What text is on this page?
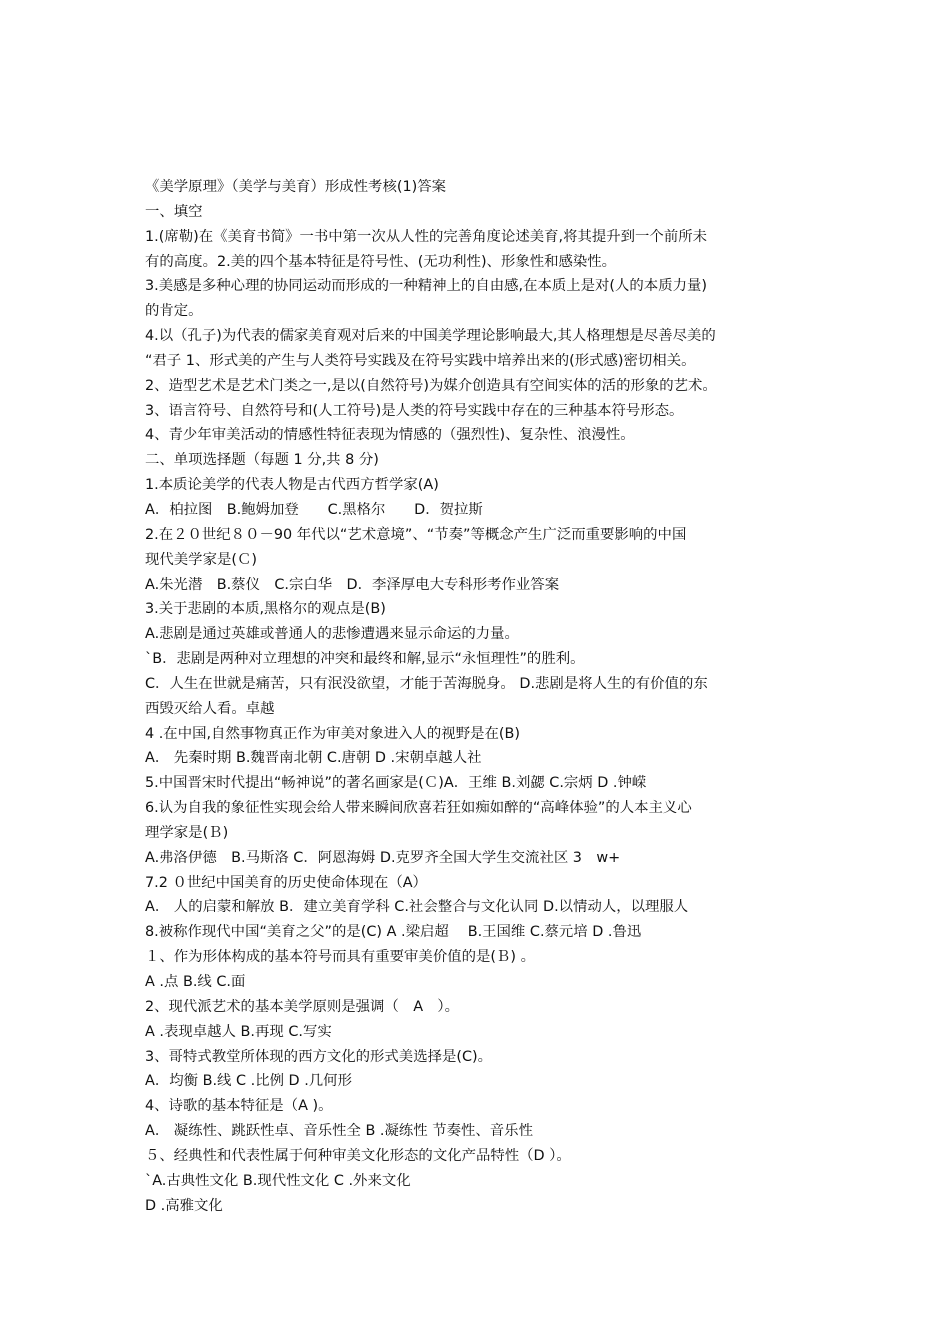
《美学原理》（美学与美育）形成性考核(1)答案
一、填空
1.(席勒)在《美育书简》一书中第一次从人性的完善角度论述美育,将其提升到一个前所未
有的高度。2.美的四个基本特征是符号性、(无功利性)、形象性和感染性。
3.美感是多种心理的协同运动而形成的一种精神上的自由感,在本质上是对(人的本质力量)
的肯定。
4.以（孔子)为代表的儒家美育观对后来的中国美学理论影响最大,其人格理想是尽善尽美的
“君子 1、形式美的产生与人类符号实践及在符号实践中培养出来的(形式感)密切相关。
2、造型艺术是艺术门类之一,是以(自然符号)为媒介创造具有空间实体的活的形象的艺术。
3、语言符号、自然符号和(人工符号)是人类的符号实践中存在的三种基本符号形态。
4、青少年审美活动的情感性特征表现为情感的（强烈性)、复杂性、浪漫性。
二、单项选择题（每题 1 分,共 8 分)
1.本质论美学的代表人物是古代西方哲学家(A)
A．柏拉图　B.鲍姆加登　　C.黑格尔　　D．贺拉斯
2.在２０世纪８０－90 年代以“艺术意境”、“节奏”等概念产生广泛而重要影响的中国
现代美学家是(Ｃ)
A.朱光潜　B.蔡仪　C.宗白华　D．李泽厚电大专科形考作业答案
3.关于悲剧的本质,黑格尔的观点是(B)
A.悲剧是通过英雄或普通人的悲惨遭遇来显示命运的力量。
`B．悲剧是两种对立理想的冲突和最终和解,显示“永恒理性”的胜利。
C．人生在世就是痛苦，只有泯没欲望，才能于苦海脱身。 D.悲剧是将人生的有价值的东
西毁灭给人看。卓越
4 .在中国,自然事物真正作为审美对象进入人的视野是在(B)
A． 先秦时期 B.魏晋南北朝 C.唐朝 D .宋朝卓越人社
5.中国晋宋时代提出“畅神说”的著名画家是(Ｃ)A．王维 B.刘勰 C.宗炳 D .钟嵘
6.认为自我的象征性实现会给人带来瞬间欣喜若狂如痴如醉的“高峰体验”的人本主义心
理学家是(Ｂ)
A.弗洛伊德　B.马斯洛 C．阿恩海姆 D.克罗齐全国大学生交流社区 3　w+
7.2 ０世纪中国美育的历史使命体现在（A）
A． 人的启蒙和解放 B．建立美育学科 C.社会整合与文化认同 D.以情动人，以理服人
8.被称作现代中国“美育之父”的是(C) A .梁启超　 B.王国维 C.蔡元培 D .鲁迅
１、作为形体构成的基本符号而具有重要审美价值的是(Ｂ) 。
A .点 B.线 C.面
2、现代派艺术的基本美学原则是强调（　A　）。
A .表现卓越人 B.再现 C.写实
3、哥特式教堂所体现的西方文化的形式美选择是(C)。
A．均衡 B.线 C .比例 D .几何形
4、诗歌的基本特征是（A )。
A． 凝练性、跳跃性卓、音乐性全 B .凝练性 节奏性、音乐性
５、经典性和代表性属于何种审美文化形态的文化产品特性（D ）。
`A.古典性文化 B.现代性文化 C .外来文化
D .高雅文化
